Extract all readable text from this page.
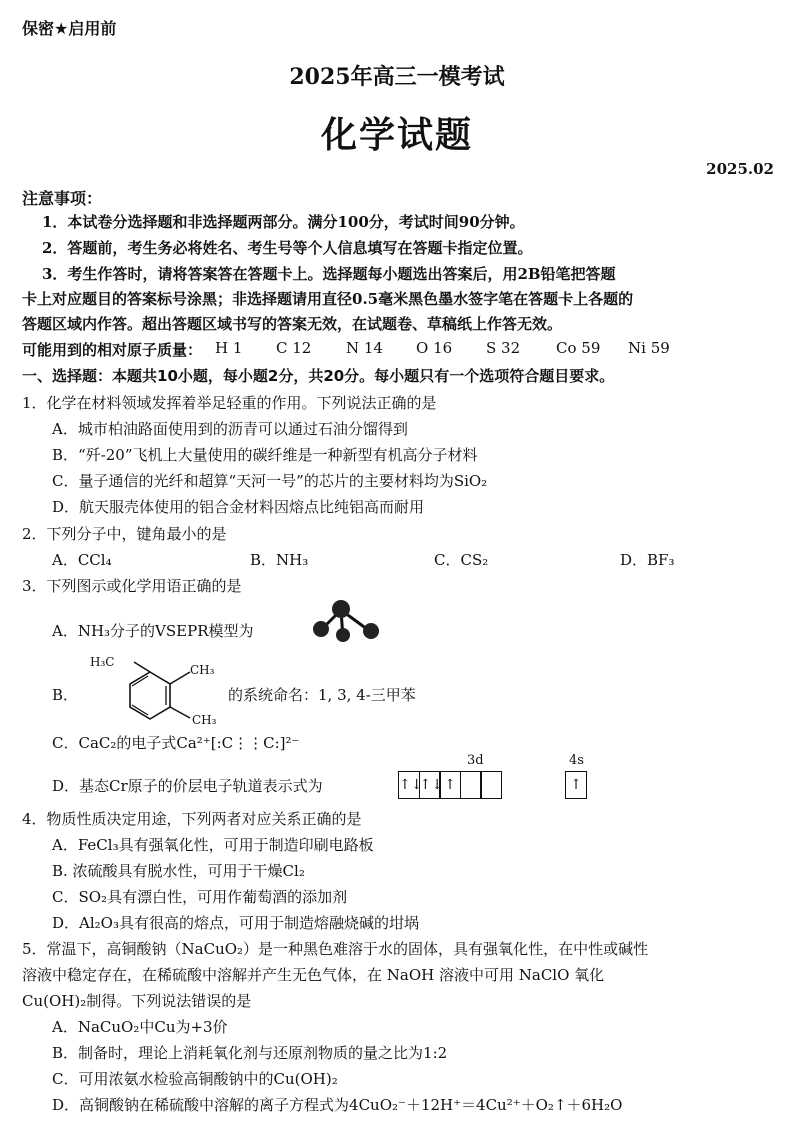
保密★启用前
2025年高三一模考试
化学试题
2025.02
注意事项：
1．本试卷分选择题和非选择题两部分。满分100分，考试时间90分钟。
2．答题前，考生务必将姓名、考生号等个人信息填写在答题卡指定位置。
3．考生作答时，请将答案答在答题卡上。选择题每小题选出答案后，用2B铅笔把答题
卡上对应题目的答案标号涂黑；非选择题请用直径0.5毫米黑色墨水签字笔在答题卡上各题的
答题区域内作答。超出答题区域书写的答案无效，在试题卷、草稿纸上作答无效。
可能用到的相对原子质量： H 1 C 12 N 14 O 16 S 32 Co 59 Ni 59
一、选择题：本题共10小题，每小题2分，共20分。每小题只有一个选项符合题目要求。
1．化学在材料领域发挥着举足轻重的作用。下列说法正确的是
A．城市柏油路面使用到的沥青可以通过石油分馏得到
B．“歼-20”飞机上大量使用的碳纤维是一种新型有机高分子材料
C．量子通信的光纤和超算“天河一号”的芯片的主要材料均为SiO₂
D．航天服壳体使用的铝合金材料因熔点比纯铝高而耐用
2．下列分子中，键角最小的是
A．CCl₄	B．NH₃	C．CS₂	D．BF₃
3．下列图示或化学用语正确的是
A．NH₃分子的VSEPR模型为
B．
H₃C
CH₃
CH₃
的系统命名：1, 3, 4-三甲苯
C．CaC₂的电子式Ca²⁺[:C⋮⋮C:]²⁻
D．基态Cr原子的价层电子轨道表示式为
3d	4s
↑↓↑↓↑	↑
4．物质性质决定用途，下列两者对应关系正确的是
A．FeCl₃具有强氧化性，可用于制造印刷电路板
B. 浓硫酸具有脱水性，可用于干燥Cl₂
C．SO₂具有漂白性，可用作葡萄酒的添加剂
D．Al₂O₃具有很高的熔点，可用于制造熔融烧碱的坩埚
5．常温下，高铜酸钠（NaCuO₂）是一种黑色难溶于水的固体，具有强氧化性，在中性或碱性
溶液中稳定存在，在稀硫酸中溶解并产生无色气体，在 NaOH 溶液中可用 NaClO 氧化
Cu(OH)₂制得。下列说法错误的是
A．NaCuO₂中Cu为+3价
B．制备时，理论上消耗氧化剂与还原剂物质的量之比为1:2
C．可用浓氨水检验高铜酸钠中的Cu(OH)₂
D．高铜酸钠在稀硫酸中溶解的离子方程式为4CuO₂⁻＋12H⁺＝4Cu²⁺＋O₂↑＋6H₂O
